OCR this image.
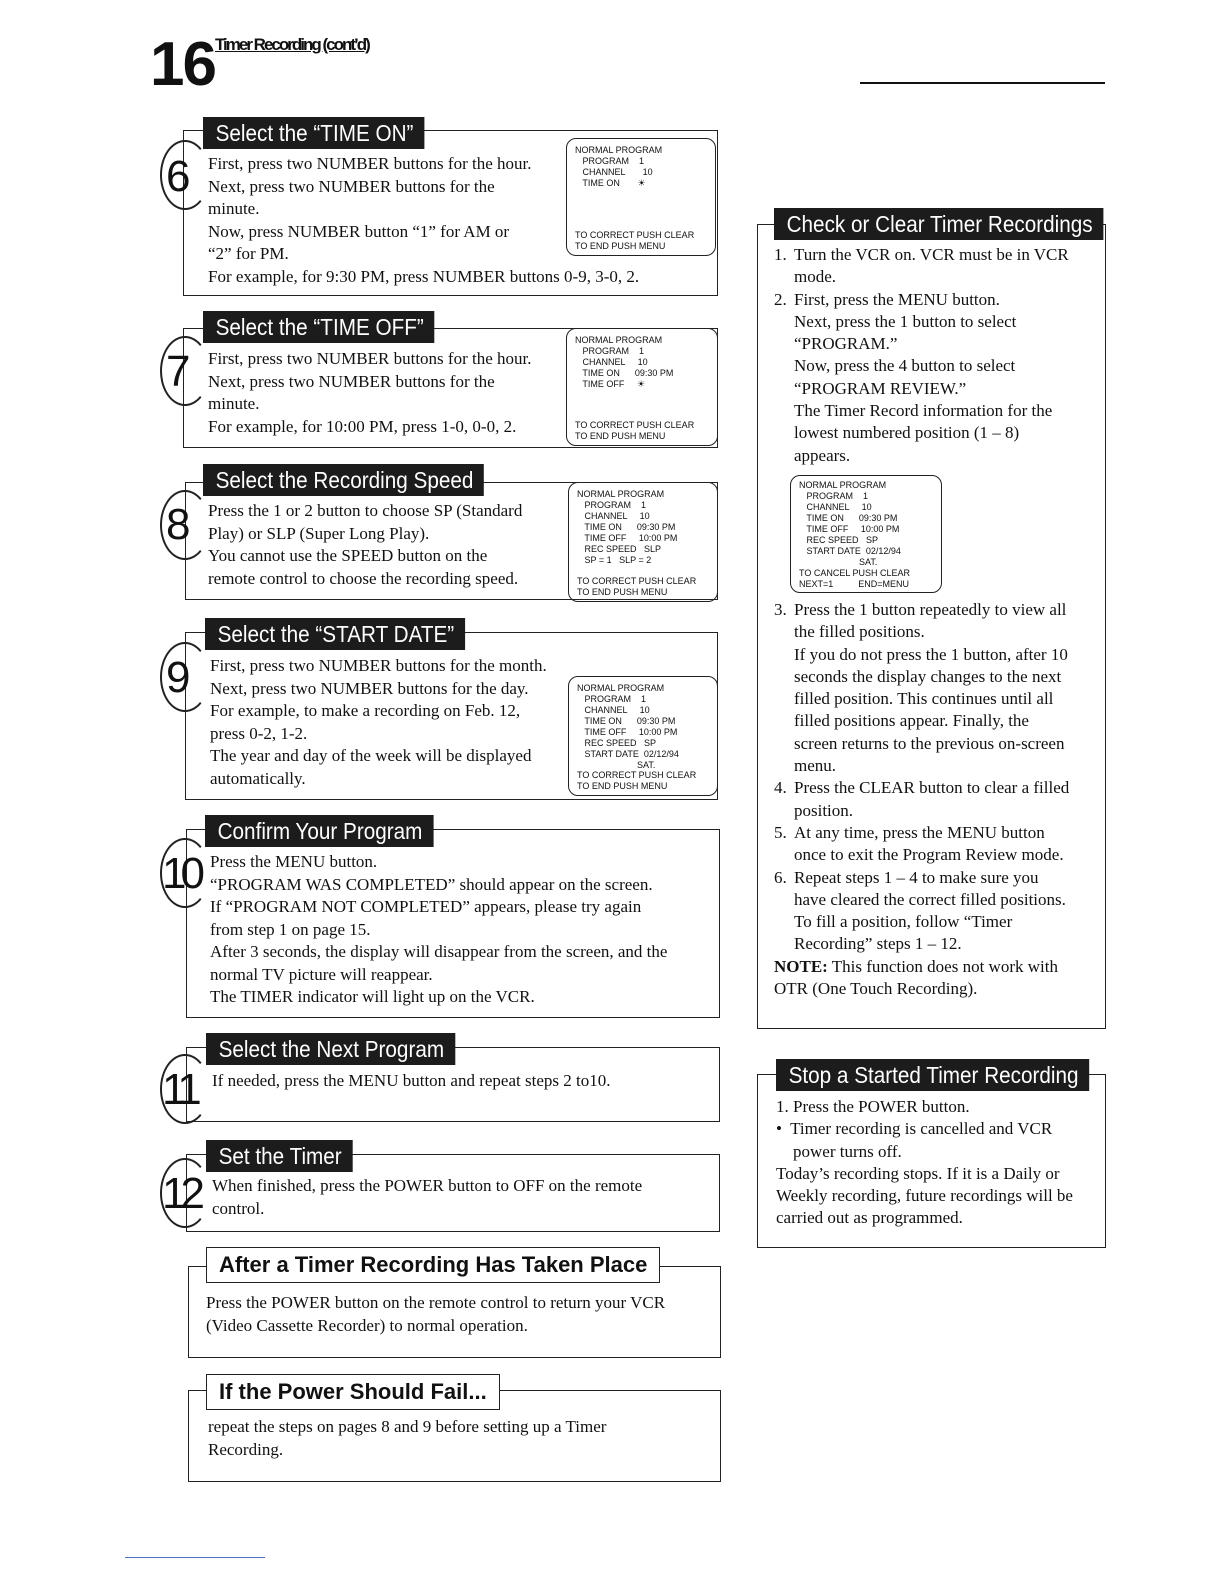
16 Timer Recording (cont’d)
6
Select the “TIME ON”
First, press two NUMBER buttons for the hour.
Next, press two NUMBER buttons for the
minute.
Now, press NUMBER button “1” for AM or
“2” for PM.
For example, for 9:30 PM, press NUMBER buttons 0-9, 3-0, 2.
NORMAL PROGRAM
PROGRAM    1
CHANNEL       10
TIME ON       ☀
TO CORRECT PUSH CLEAR
TO END PUSH MENU
7
Select the “TIME OFF”
First, press two NUMBER buttons for the hour.
Next, press two NUMBER buttons for the
minute.
For example, for 10:00 PM, press 1-0, 0-0, 2.
NORMAL PROGRAM
PROGRAM    1
CHANNEL     10
TIME ON      09:30 PM
TIME OFF     ☀
TO CORRECT PUSH CLEAR
TO END PUSH MENU
8
Select the Recording Speed
Press the 1 or 2 button to choose SP (Standard
Play) or SLP (Super Long Play).
You cannot use the SPEED button on the
remote control to choose the recording speed.
NORMAL PROGRAM
PROGRAM    1
CHANNEL     10
TIME ON      09:30 PM
TIME OFF     10:00 PM
REC SPEED   SLP
SP = 1   SLP = 2
TO CORRECT PUSH CLEAR
TO END PUSH MENU
9
Select the “START DATE”
First, press two NUMBER buttons for the month.
Next, press two NUMBER buttons for the day.
For example, to make a recording on Feb. 12,
press 0-2, 1-2.
The year and day of the week will be displayed
automatically.
NORMAL PROGRAM
PROGRAM    1
CHANNEL     10
TIME ON      09:30 PM
TIME OFF     10:00 PM
REC SPEED   SP
START DATE  02/12/94
SAT.
TO CORRECT PUSH CLEAR
TO END PUSH MENU
10
Confirm Your Program
Press the MENU button.
“PROGRAM WAS COMPLETED” should appear on the screen.
If “PROGRAM NOT COMPLETED” appears, please try again
from step 1 on page 15.
After 3 seconds, the display will disappear from the screen, and the
normal TV picture will reappear.
The TIMER indicator will light up on the VCR.
11
Select the Next Program
If needed, press the MENU button and repeat steps 2 to10.
12
Set the Timer
When finished, press the POWER button to OFF on the remote
control.
After a Timer Recording Has Taken Place
Press the POWER button on the remote control to return your VCR
(Video Cassette Recorder) to normal operation.
If the Power Should Fail...
repeat the steps on pages 8 and 9 before setting up a Timer
Recording.
Check or Clear Timer Recordings
1. Turn the VCR on. VCR must be in VCR
mode.
2. First, press the MENU button.
Next, press the 1 button to select
“PROGRAM.”
Now, press the 4 button to select
“PROGRAM REVIEW.”
The Timer Record information for the
lowest numbered position (1 – 8)
appears.
NORMAL PROGRAM
PROGRAM    1
CHANNEL     10
TIME ON      09:30 PM
TIME OFF     10:00 PM
REC SPEED   SP
START DATE  02/12/94
SAT.
TO CANCEL PUSH CLEAR
NEXT=1          END=MENU
3. Press the 1 button repeatedly to view all
the filled positions.
If you do not press the 1 button, after 10
seconds the display changes to the next
filled position. This continues until all
filled positions appear. Finally, the
screen returns to the previous on-screen
menu.
4. Press the CLEAR button to clear a filled
position.
5. At any time, press the MENU button
once to exit the Program Review mode.
6. Repeat steps 1 – 4 to make sure you
have cleared the correct filled positions.
To fill a position, follow “Timer
Recording” steps 1 – 12.
NOTE: This function does not work with
OTR (One Touch Recording).
Stop a Started Timer Recording
1. Press the POWER button.
•  Timer recording is cancelled and VCR
power turns off.
Today’s recording stops. If it is a Daily or
Weekly recording, future recordings will be
carried out as programmed.
